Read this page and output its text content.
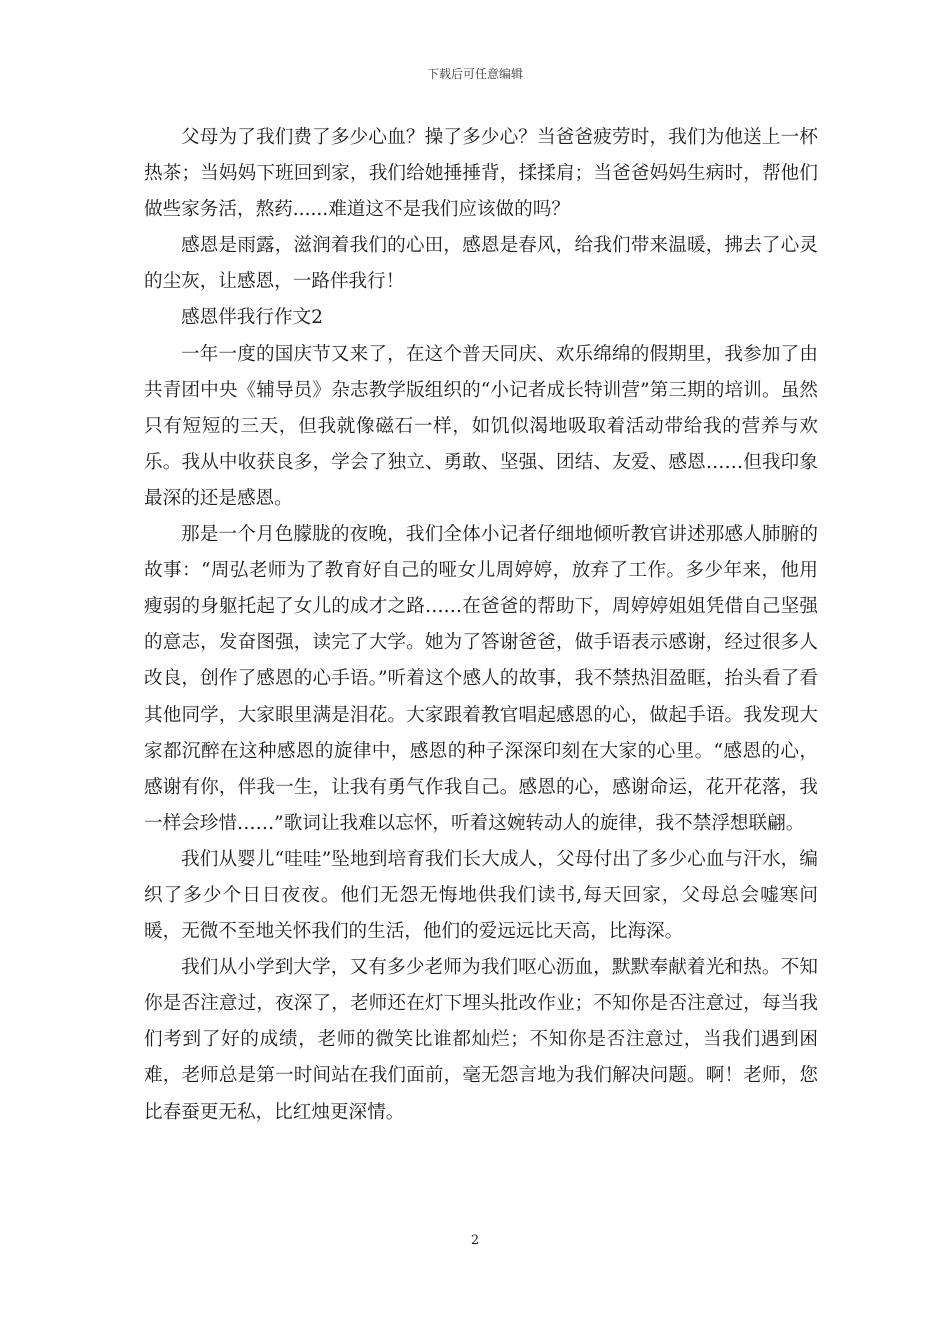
下载后可任意编辑

父母为了我们费了多少心血？操了多少心？当爸爸疲劳时，我们为他送上一杯热茶；当妈妈下班回到家，我们给她捶捶背，揉揉肩；当爸爸妈妈生病时，帮他们做些家务活，熬药......难道这不是我们应该做的吗？

感恩是雨露，滋润着我们的心田，感恩是春风，给我们带来温暖，拂去了心灵的尘灰，让感恩，一路伴我行！

感恩伴我行作文2

一年一度的国庆节又来了，在这个普天同庆、欢乐绵绵的假期里，我参加了由共青团中央《辅导员》杂志教学版组织的“小记者成长特训营”第三期的培训。虽然只有短短的三天，但我就像磁石一样，如饥似渴地吸取着活动带给我的营养与欢乐。我从中收获良多，学会了独立、勇敢、坚强、团结、友爱、感恩……但我印象最深的还是感恩。

那是一个月色朦胧的夜晚，我们全体小记者仔细地倾听教官讲述那感人肺腑的故事：“周弘老师为了教育好自己的哑女儿周婷婷，放弃了工作。多少年来，他用瘦弱的身躯托起了女儿的成才之路……在爸爸的帮助下，周婷婷姐姐凭借自己坚强的意志，发奋图强，读完了大学。她为了答谢爸爸，做手语表示感谢，经过很多人改良，创作了感恩的心手语。”听着这个感人的故事，我不禁热泪盈眶，抬头看了看其他同学，大家眼里满是泪花。大家跟着教官唱起感恩的心，做起手语。我发现大家都沉醉在这种感恩的旋律中，感恩的种子深深印刻在大家的心里。“感恩的心，感谢有你，伴我一生，让我有勇气作我自己。感恩的心，感谢命运，花开花落，我一样会珍惜……”歌词让我难以忘怀，听着这婉转动人的旋律，我不禁浮想联翩。

我们从婴儿“哇哇”坠地到培育我们长大成人，父母付出了多少心血与汗水，编织了多少个日日夜夜。他们无怨无悔地供我们读书,每天回家，父母总会嘘寒问暖，无微不至地关怀我们的生活，他们的爱远远比天高，比海深。

我们从小学到大学，又有多少老师为我们呕心沥血，默默奉献着光和热。不知你是否注意过，夜深了，老师还在灯下埋头批改作业；不知你是否注意过，每当我们考到了好的成绩，老师的微笑比谁都灿烂；不知你是否注意过，当我们遇到困难，老师总是第一时间站在我们面前，毫无怨言地为我们解决问题。啊！老师，您比春蚕更无私，比红烛更深情。

2
